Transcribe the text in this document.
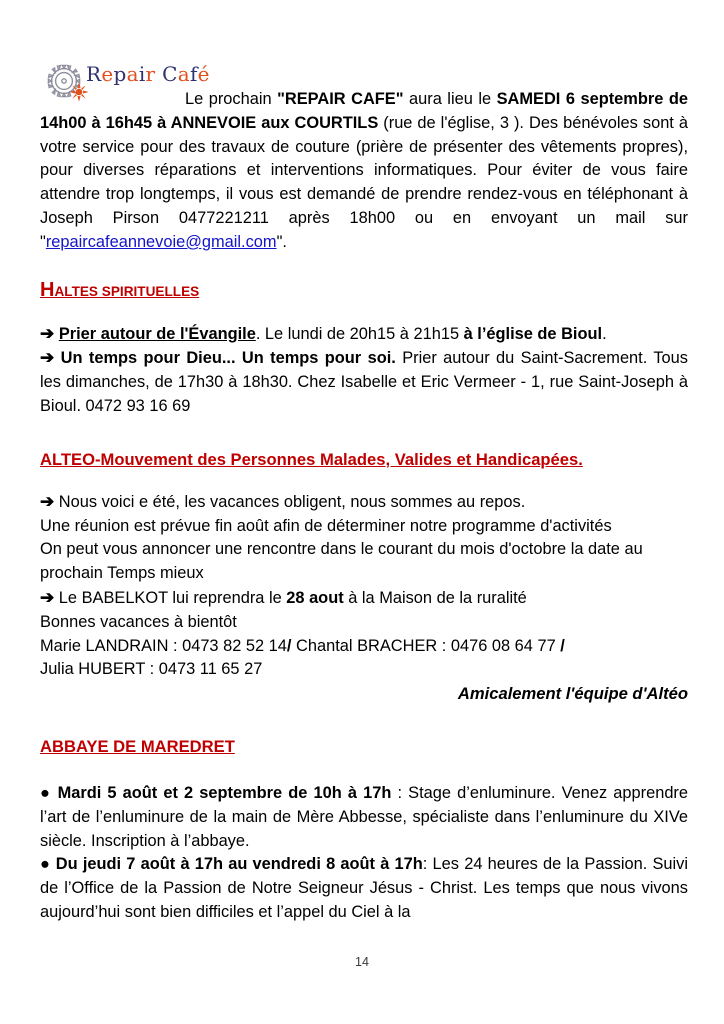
Repair Café

Le prochain "REPAIR CAFE" aura lieu le SAMEDI 6 septembre de 14h00 à 16h45 à ANNEVOIE aux COURTILS (rue de l'église, 3 ). Des bénévoles sont à votre service pour des travaux de couture (prière de présenter des vêtements propres), pour diverses réparations et interventions informatiques. Pour éviter de vous faire attendre trop longtemps, il vous est demandé de prendre rendez-vous en téléphonant à Joseph Pirson 0477221211 après 18h00 ou en envoyant un mail sur "repaircafeannevoie@gmail.com".

HALTES SPIRITUELLES

➔ Prier autour de l'Évangile. Le lundi de 20h15 à 21h15 à l’église de Bioul.

➔ Un temps pour Dieu... Un temps pour soi. Prier autour du Saint-Sacrement. Tous les dimanches, de 17h30 à 18h30. Chez Isabelle et Eric Vermeer - 1, rue Saint-Joseph à Bioul. 0472 93 16 69

ALTEO-Mouvement des Personnes Malades, Valides et Handicapées.

➔ Nous voici e été, les vacances obligent, nous sommes au repos.

Une réunion est prévue fin août afin de déterminer notre programme d'activités

On peut vous annoncer une rencontre dans le courant du mois d'octobre la date au prochain Temps mieux

➔ Le BABELKOT lui reprendra le 28 aout à la Maison de la ruralité

Bonnes vacances à bientôt

Marie LANDRAIN : 0473 82 52 14/ Chantal BRACHER : 0476 08 64 77 /

Julia HUBERT : 0473 11 65 27

Amicalement l'équipe d'Altéo

ABBAYE DE MAREDRET

● Mardi 5 août et 2 septembre de 10h à 17h : Stage d’enluminure. Venez apprendre l’art de l’enluminure de la main de Mère Abbesse, spécialiste dans l’enluminure du XIVe siècle. Inscription à l’abbaye.

● Du jeudi 7 août à 17h au vendredi 8 août à 17h: Les 24 heures de la Passion. Suivi de l’Office de la Passion de Notre Seigneur Jésus - Christ. Les temps que nous vivons aujourd’hui sont bien difficiles et l’appel du Ciel à la

14
